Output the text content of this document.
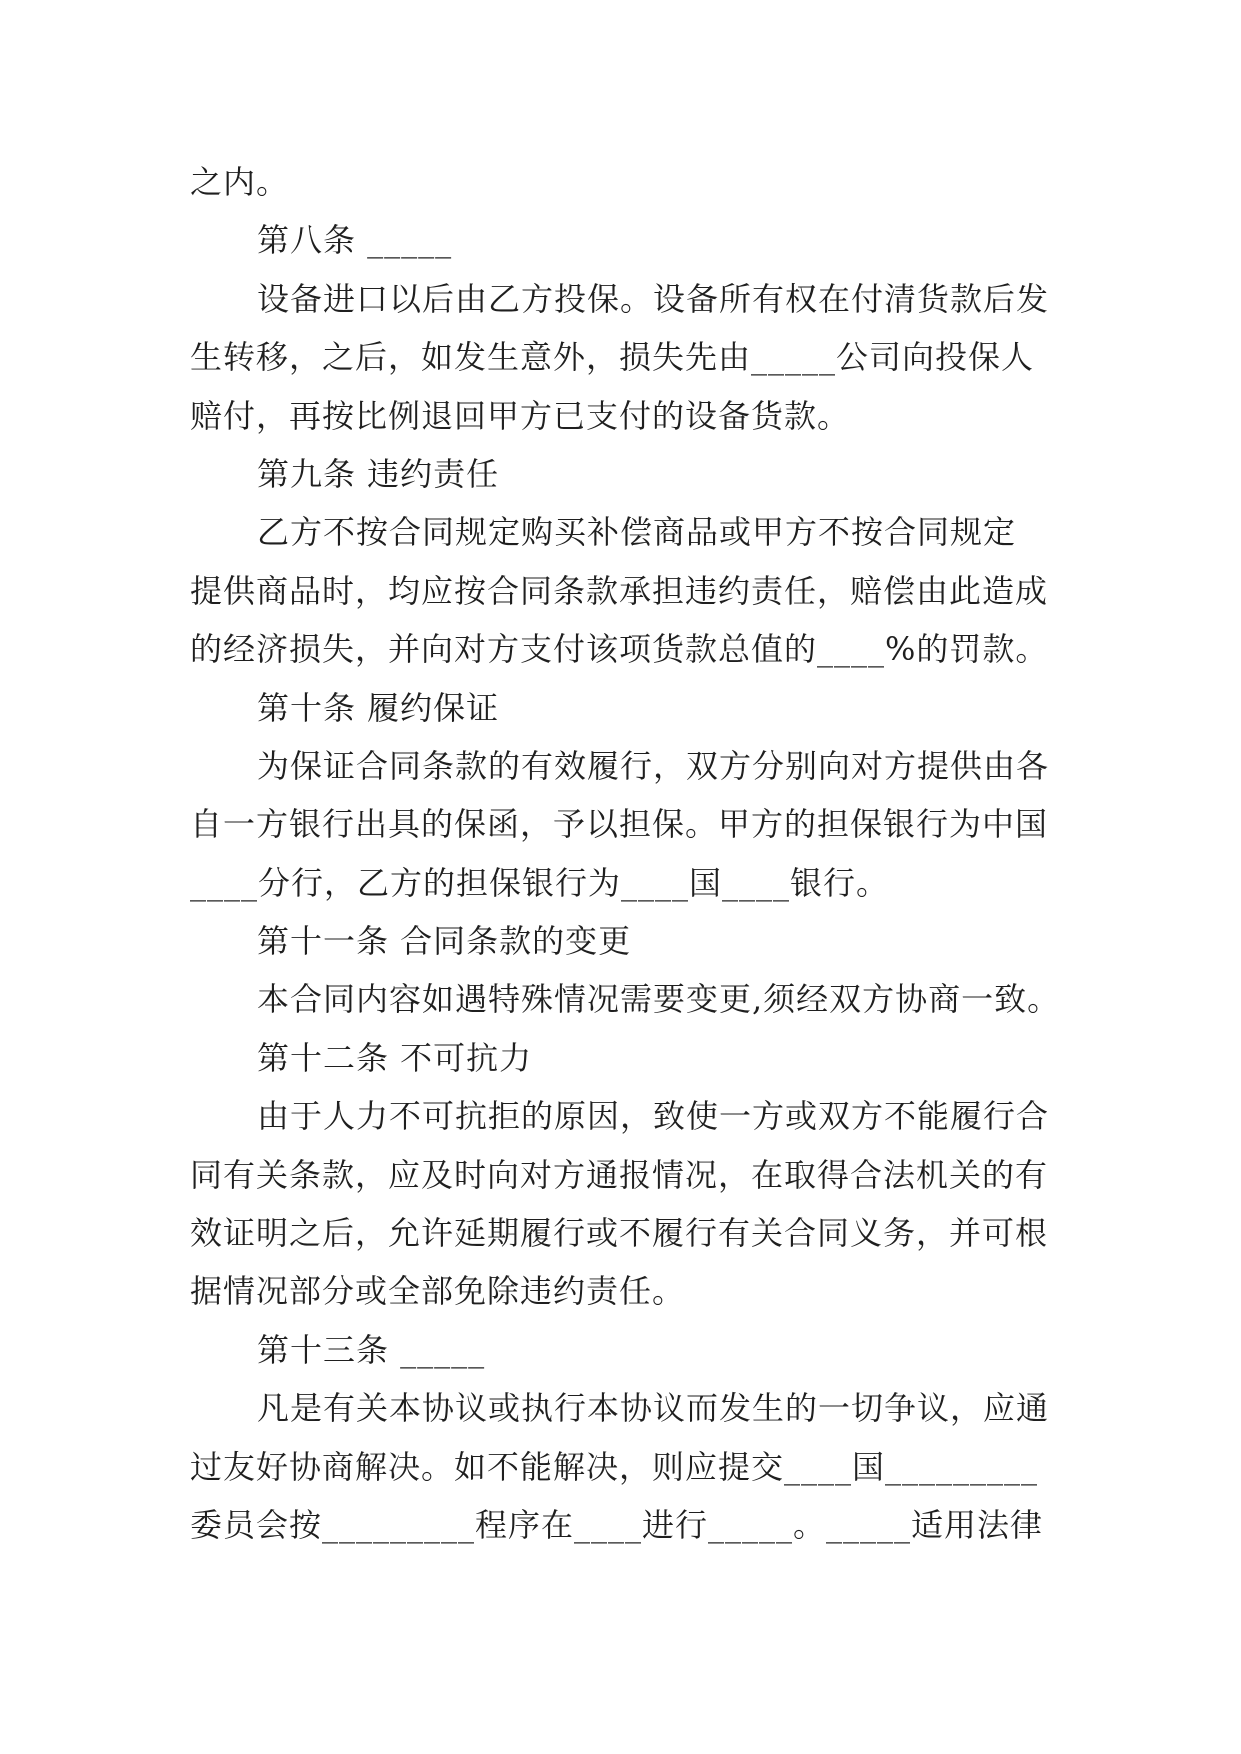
之内。
第八条 _____
设备进口以后由乙方投保。设备所有权在付清货款后发
生转移，之后，如发生意外，损失先由_____公司向投保人
赔付，再按比例退回甲方已支付的设备货款。
第九条 违约责任
乙方不按合同规定购买补偿商品或甲方不按合同规定
提供商品时，均应按合同条款承担违约责任，赔偿由此造成
的经济损失，并向对方支付该项货款总值的____%的罚款。
第十条 履约保证
为保证合同条款的有效履行，双方分别向对方提供由各
自一方银行出具的保函，予以担保。甲方的担保银行为中国
____分行，乙方的担保银行为____国____银行。
第十一条 合同条款的变更
本合同内容如遇特殊情况需要变更,须经双方协商一致。
第十二条 不可抗力
由于人力不可抗拒的原因，致使一方或双方不能履行合
同有关条款，应及时向对方通报情况，在取得合法机关的有
效证明之后，允许延期履行或不履行有关合同义务，并可根
据情况部分或全部免除违约责任。
第十三条 _____
凡是有关本协议或执行本协议而发生的一切争议，应通
过友好协商解决。如不能解决，则应提交____国_________
委员会按_________程序在____进行_____。_____适用法律
